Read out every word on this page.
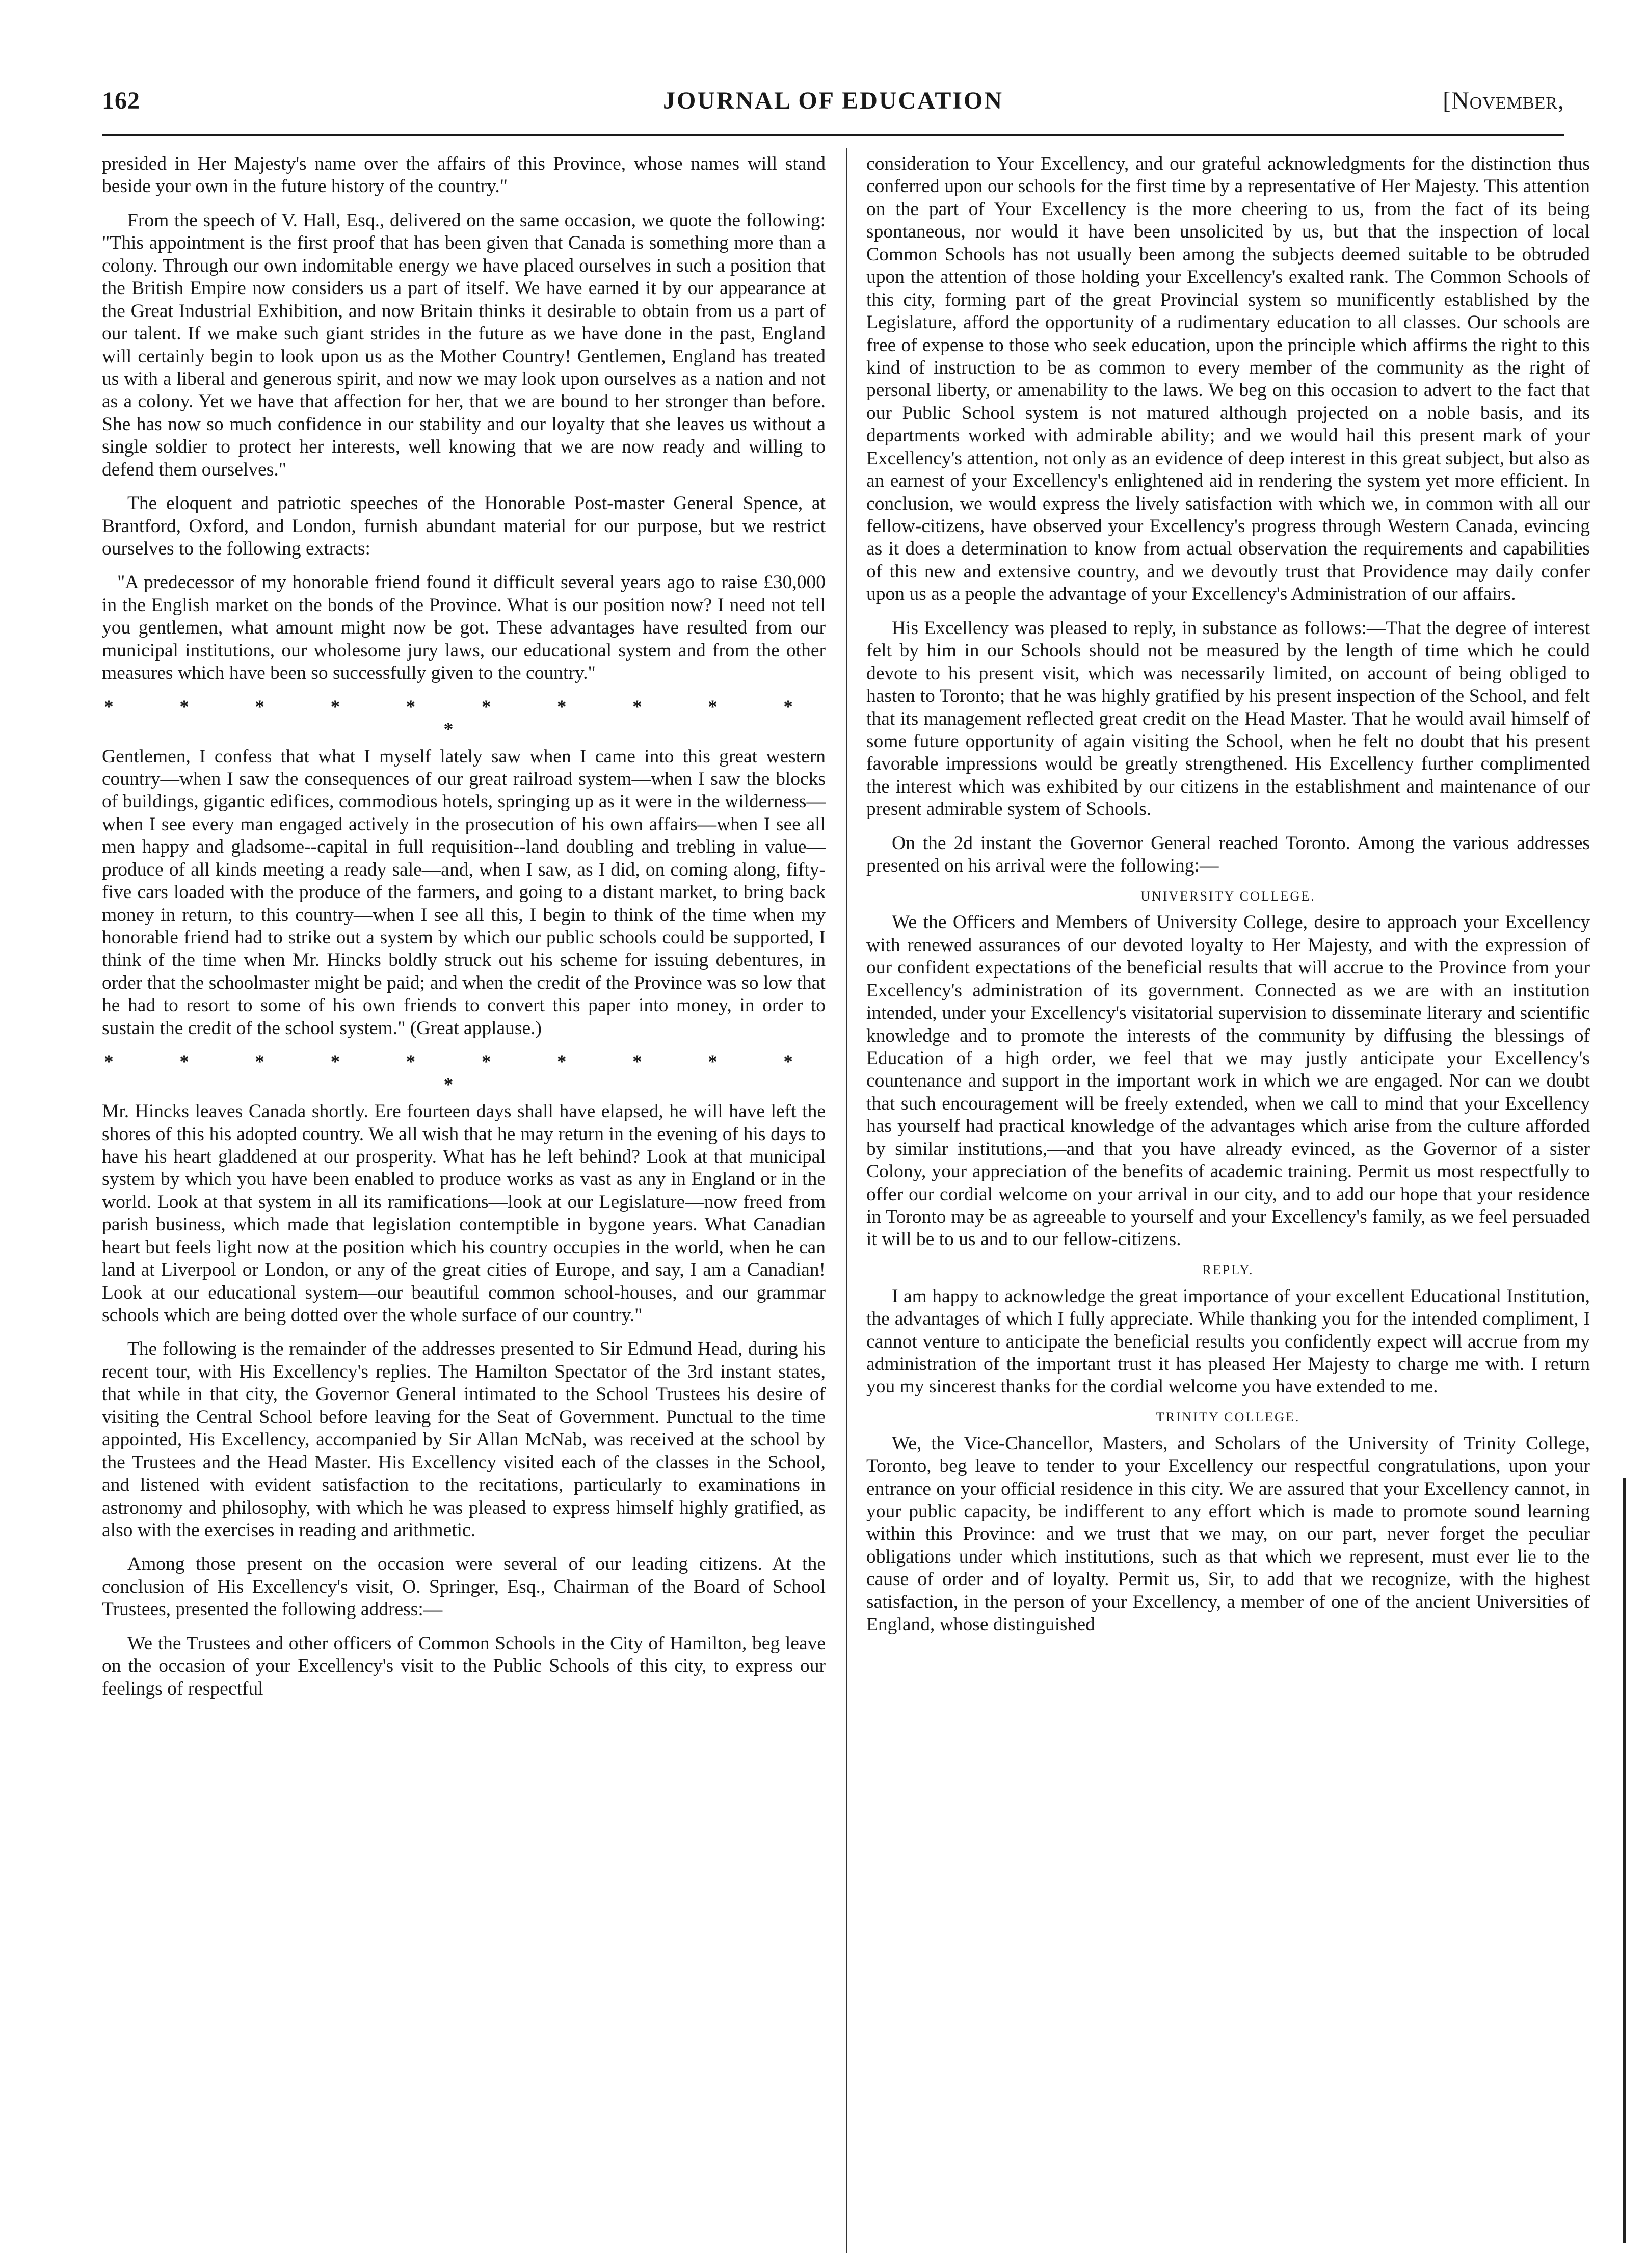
162	JOURNAL OF EDUCATION	[November,

presided in Her Majesty's name over the affairs of this Province, whose names will stand beside your own in the future history of the country."

From the speech of V. Hall, Esq., delivered on the same occasion, we quote the following: "This appointment is the first proof that has been given that Canada is something more than a colony. Through our own indomitable energy we have placed ourselves in such a position that the British Empire now considers us a part of itself. We have earned it by our appearance at the Great Industrial Exhibition, and now Britain thinks it desirable to obtain from us a part of our talent. If we make such giant strides in the future as we have done in the past, England will certainly begin to look upon us as the Mother Country! Gentlemen, England has treated us with a liberal and generous spirit, and now we may look upon ourselves as a nation and not as a colony. Yet we have that affection for her, that we are bound to her stronger than before. She has now so much confidence in our stability and our loyalty that she leaves us without a single soldier to protect her interests, well knowing that we are now ready and willing to defend them ourselves."

The eloquent and patriotic speeches of the Honorable Post-master General Spence, at Brantford, Oxford, and London, furnish abundant material for our purpose, but we restrict ourselves to the following extracts:

"A predecessor of my honorable friend found it difficult several years ago to raise £30,000 in the English market on the bonds of the Province. What is our position now? I need not tell you gentlemen, what amount might now be got. These advantages have resulted from our municipal institutions, our wholesome jury laws, our educational system and from the other measures which have been so successfully given to the country."

* * * * * * * * * * *

Gentlemen, I confess that what I myself lately saw when I came into this great western country—when I saw the consequences of our great railroad system—when I saw the blocks of buildings, gigantic edifices, commodious hotels, springing up as it were in the wilderness—when I see every man engaged actively in the prosecution of his own affairs—when I see all men happy and gladsome--capital in full requisition--land doubling and trebling in value—produce of all kinds meeting a ready sale—and, when I saw, as I did, on coming along, fifty-five cars loaded with the produce of the farmers, and going to a distant market, to bring back money in return, to this country—when I see all this, I begin to think of the time when my honorable friend had to strike out a system by which our public schools could be supported, I think of the time when Mr. Hincks boldly struck out his scheme for issuing debentures, in order that the schoolmaster might be paid; and when the credit of the Province was so low that he had to resort to some of his own friends to convert this paper into money, in order to sustain the credit of the school system." (Great applause.)

* * * * * * * * * * *

Mr. Hincks leaves Canada shortly. Ere fourteen days shall have elapsed, he will have left the shores of this his adopted country. We all wish that he may return in the evening of his days to have his heart gladdened at our prosperity. What has he left behind? Look at that municipal system by which you have been enabled to produce works as vast as any in England or in the world. Look at that system in all its ramifications—look at our Legislature—now freed from parish business, which made that legislation contemptible in bygone years. What Canadian heart but feels light now at the position which his country occupies in the world, when he can land at Liverpool or London, or any of the great cities of Europe, and say, I am a Canadian! Look at our educational system—our beautiful common school-houses, and our grammar schools which are being dotted over the whole surface of our country."

The following is the remainder of the addresses presented to Sir Edmund Head, during his recent tour, with His Excellency's replies. The Hamilton Spectator of the 3rd instant states, that while in that city, the Governor General intimated to the School Trustees his desire of visiting the Central School before leaving for the Seat of Government. Punctual to the time appointed, His Excellency, accompanied by Sir Allan McNab, was received at the school by the Trustees and the Head Master. His Excellency visited each of the classes in the School, and listened with evident satisfaction to the recitations, particularly to examinations in astronomy and philosophy, with which he was pleased to express himself highly gratified, as also with the exercises in reading and arithmetic.

Among those present on the occasion were several of our leading citizens. At the conclusion of His Excellency's visit, O. Springer, Esq., Chairman of the Board of School Trustees, presented the following address:—

We the Trustees and other officers of Common Schools in the City of Hamilton, beg leave on the occasion of your Excellency's visit to the Public Schools of this city, to express our feelings of respectful

consideration to Your Excellency, and our grateful acknowledgments for the distinction thus conferred upon our schools for the first time by a representative of Her Majesty. This attention on the part of Your Excellency is the more cheering to us, from the fact of its being spontaneous, nor would it have been unsolicited by us, but that the inspection of local Common Schools has not usually been among the subjects deemed suitable to be obtruded upon the attention of those holding your Excellency's exalted rank. The Common Schools of this city, forming part of the great Provincial system so munificently established by the Legislature, afford the opportunity of a rudimentary education to all classes. Our schools are free of expense to those who seek education, upon the principle which affirms the right to this kind of instruction to be as common to every member of the community as the right of personal liberty, or amenability to the laws. We beg on this occasion to advert to the fact that our Public School system is not matured although projected on a noble basis, and its departments worked with admirable ability; and we would hail this present mark of your Excellency's attention, not only as an evidence of deep interest in this great subject, but also as an earnest of your Excellency's enlightened aid in rendering the system yet more efficient. In conclusion, we would express the lively satisfaction with which we, in common with all our fellow-citizens, have observed your Excellency's progress through Western Canada, evincing as it does a determination to know from actual observation the requirements and capabilities of this new and extensive country, and we devoutly trust that Providence may daily confer upon us as a people the advantage of your Excellency's Administration of our affairs.

His Excellency was pleased to reply, in substance as follows:—That the degree of interest felt by him in our Schools should not be measured by the length of time which he could devote to his present visit, which was necessarily limited, on account of being obliged to hasten to Toronto; that he was highly gratified by his present inspection of the School, and felt that its management reflected great credit on the Head Master. That he would avail himself of some future opportunity of again visiting the School, when he felt no doubt that his present favorable impressions would be greatly strengthened. His Excellency further complimented the interest which was exhibited by our citizens in the establishment and maintenance of our present admirable system of Schools.

On the 2d instant the Governor General reached Toronto. Among the various addresses presented on his arrival were the following:—

UNIVERSITY COLLEGE.

We the Officers and Members of University College, desire to approach your Excellency with renewed assurances of our devoted loyalty to Her Majesty, and with the expression of our confident expectations of the beneficial results that will accrue to the Province from your Excellency's administration of its government. Connected as we are with an institution intended, under your Excellency's visitatorial supervision to disseminate literary and scientific knowledge and to promote the interests of the community by diffusing the blessings of Education of a high order, we feel that we may justly anticipate your Excellency's countenance and support in the important work in which we are engaged. Nor can we doubt that such encouragement will be freely extended, when we call to mind that your Excellency has yourself had practical knowledge of the advantages which arise from the culture afforded by similar institutions,—and that you have already evinced, as the Governor of a sister Colony, your appreciation of the benefits of academic training. Permit us most respectfully to offer our cordial welcome on your arrival in our city, and to add our hope that your residence in Toronto may be as agreeable to yourself and your Excellency's family, as we feel persuaded it will be to us and to our fellow-citizens.

REPLY.

I am happy to acknowledge the great importance of your excellent Educational Institution, the advantages of which I fully appreciate. While thanking you for the intended compliment, I cannot venture to anticipate the beneficial results you confidently expect will accrue from my administration of the important trust it has pleased Her Majesty to charge me with. I return you my sincerest thanks for the cordial welcome you have extended to me.

TRINITY COLLEGE.

We, the Vice-Chancellor, Masters, and Scholars of the University of Trinity College, Toronto, beg leave to tender to your Excellency our respectful congratulations, upon your entrance on your official residence in this city. We are assured that your Excellency cannot, in your public capacity, be indifferent to any effort which is made to promote sound learning within this Province: and we trust that we may, on our part, never forget the peculiar obligations under which institutions, such as that which we represent, must ever lie to the cause of order and of loyalty. Permit us, Sir, to add that we recognize, with the highest satisfaction, in the person of your Excellency, a member of one of the ancient Universities of England, whose distinguished
